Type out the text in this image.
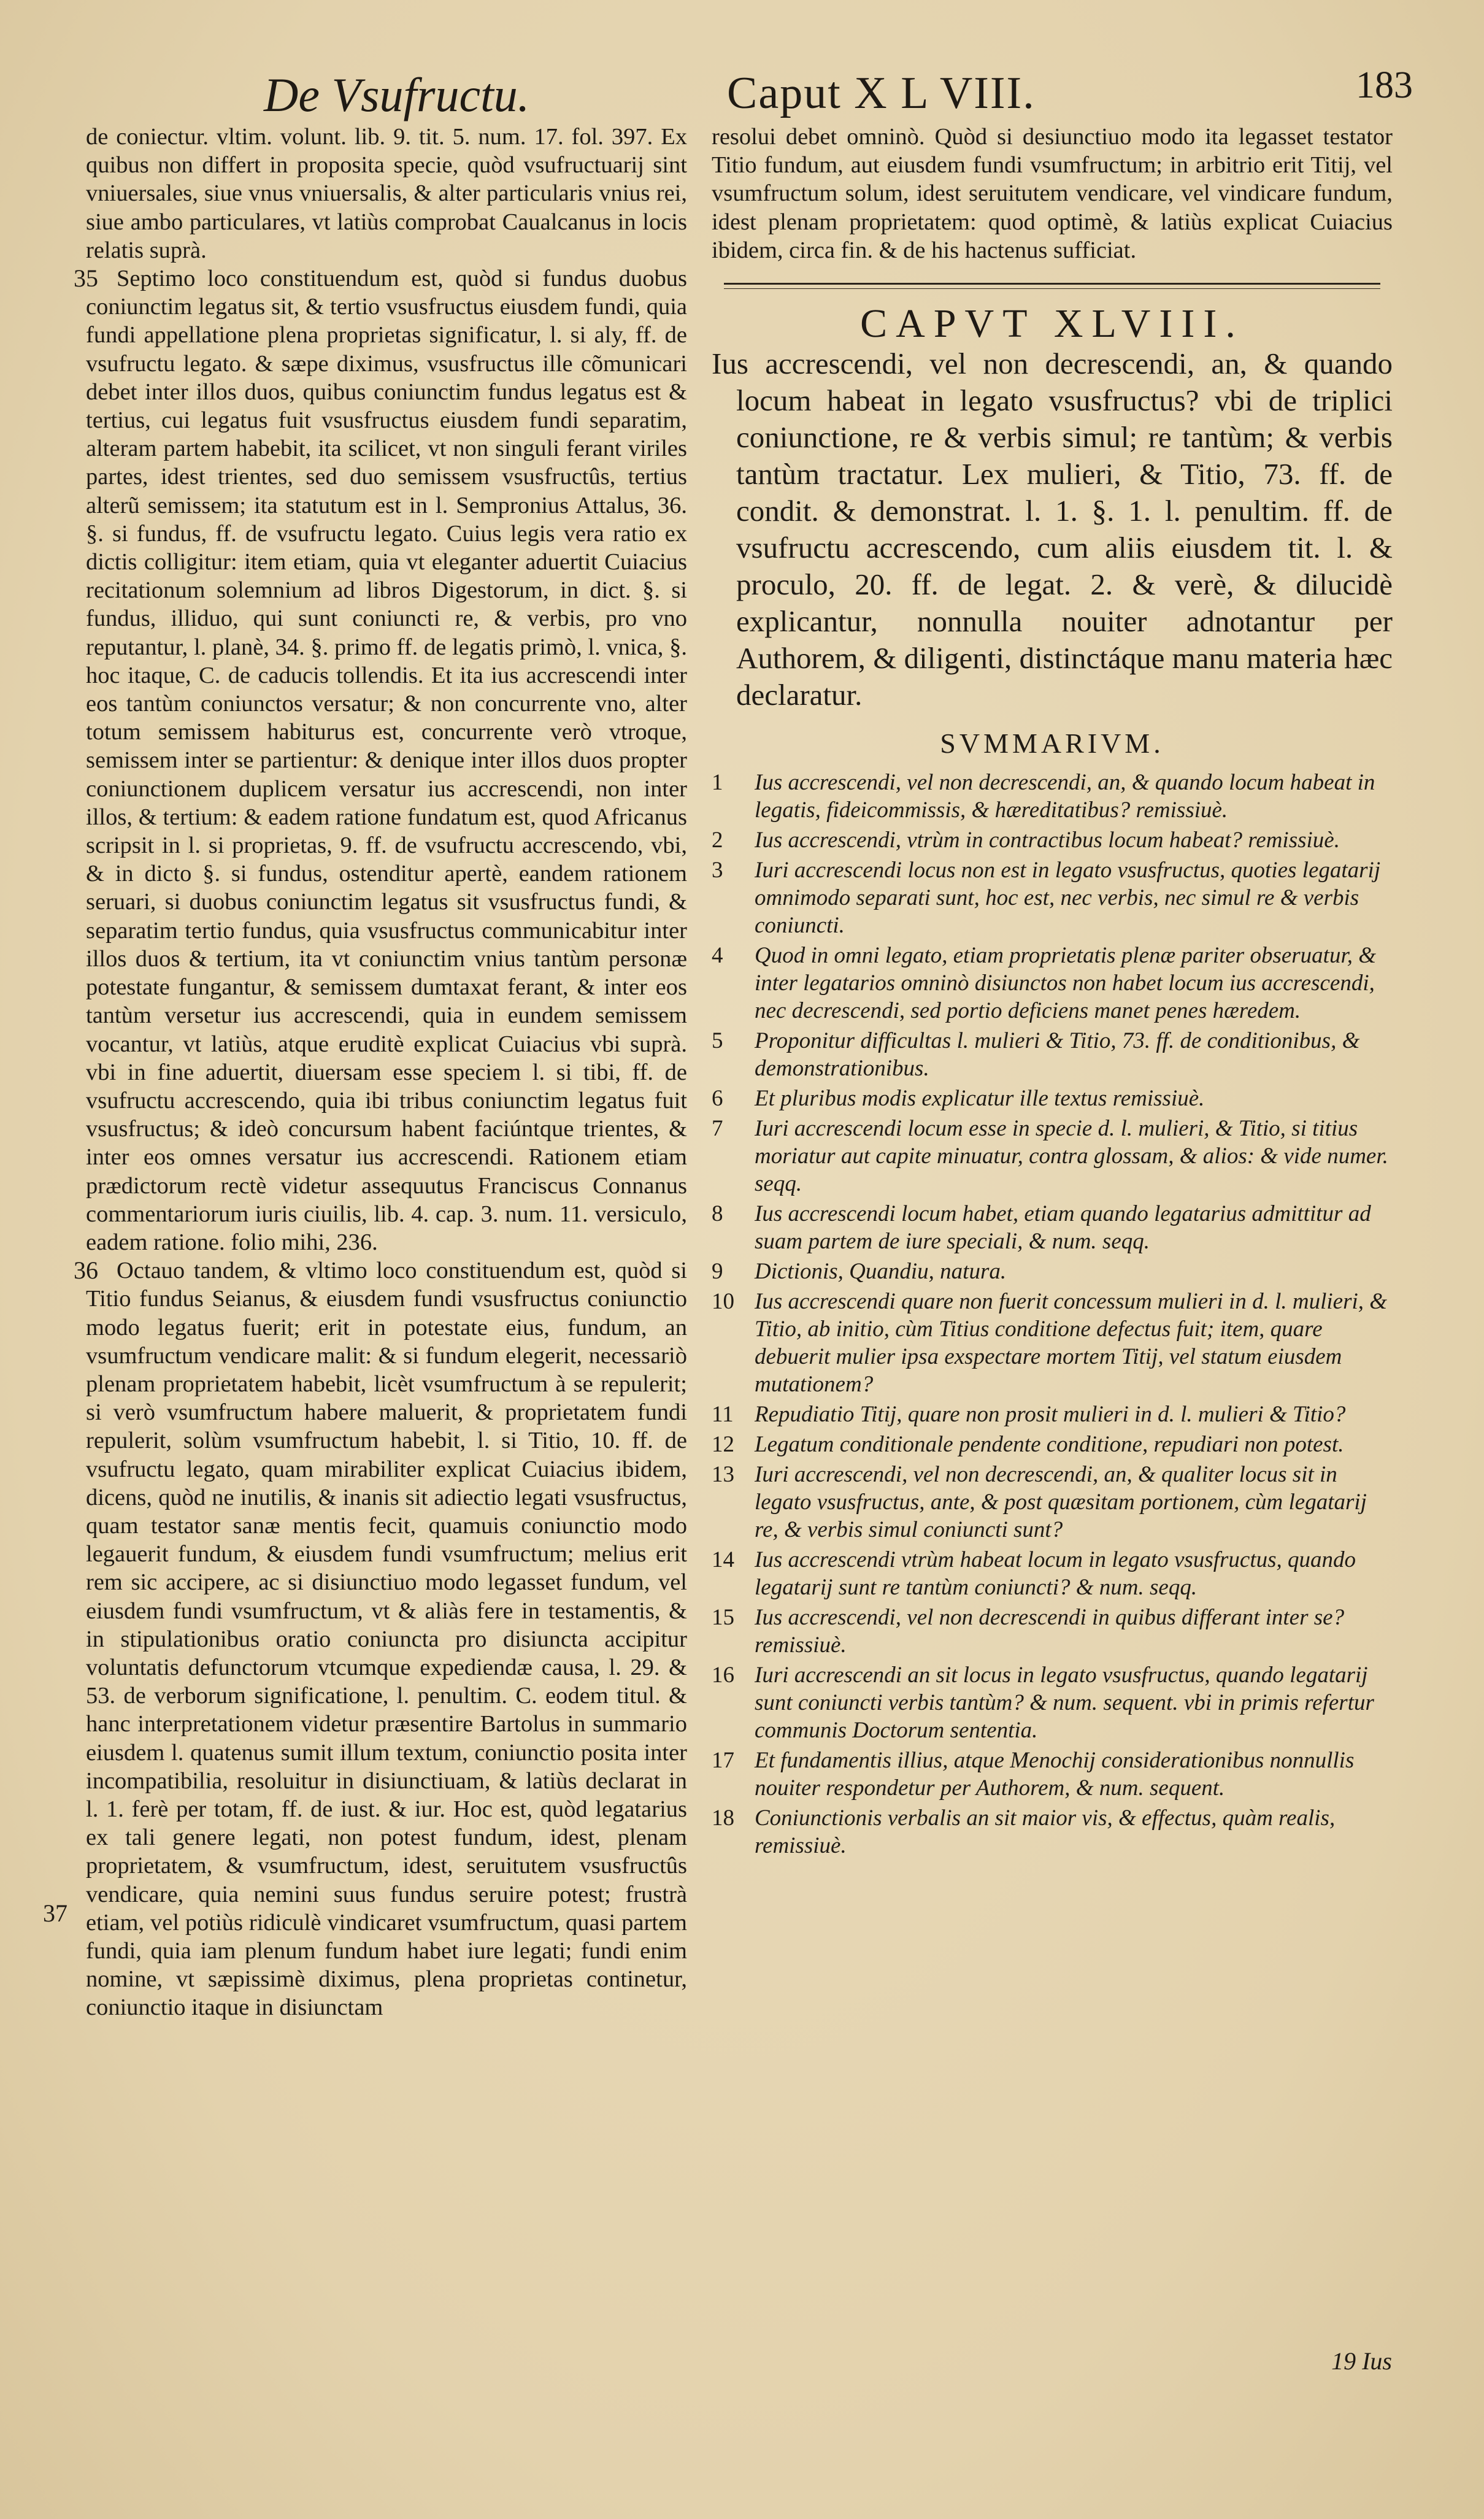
De Vsufructu.	Caput X L VIII.	183

de coniectur. vltim. volunt. lib. 9. tit. 5. num. 17. fol. 397. Ex quibus non differt in proposita specie, quòd vsufructuarij sint vniuersales, siue vnus vniuersalis, & alter particularis vnius rei, siue ambo particulares, vt latiùs comprobat Caualcanus in locis relatis suprà.

35 Septimo loco constituendum est, quòd si fundus duobus coniunctim legatus sit, & tertio vsusfructus eiusdem fundi, quia fundi appellatione plena proprietas significatur, l. si aly, ff. de vsufructu legato. & sæpe diximus, vsusfructus ille cõmunicari debet inter illos duos, quibus coniunctim fundus legatus est & tertius, cui legatus fuit vsusfructus eiusdem fundi separatim, alteram partem habebit, ita scilicet, vt non singuli ferant viriles partes, idest trientes, sed duo semissem vsusfructûs, tertius alterũ semissem; ita statutum est in l. Sempronius Attalus, 36. §. si fundus, ff. de vsufructu legato. Cuius legis vera ratio ex dictis colligitur: item etiam, quia vt eleganter aduertit Cuiacius recitationum solemnium ad libros Digestorum, in dict. §. si fundus, illiduo, qui sunt coniuncti re, & verbis, pro vno reputantur, l. planè, 34. §. primo ff. de legatis primò, l. vnica, §. hoc itaque, C. de caducis tollendis. Et ita ius accrescendi inter eos tantùm coniunctos versatur; & non concurrente vno, alter totum semissem habiturus est, concurrente verò vtroque, semissem inter se partientur: & denique inter illos duos propter coniunctionem duplicem versatur ius accrescendi, non inter illos, & tertium: & eadem ratione fundatum est, quod Africanus scripsit in l. si proprietas, 9. ff. de vsufructu accrescendo, vbi, & in dicto §. si fundus, ostenditur apertè, eandem rationem seruari, si duobus coniunctim legatus sit vsusfructus fundi, & separatim tertio fundus, quia vsusfructus communicabitur inter illos duos & tertium, ita vt coniunctim vnius tantùm personæ potestate fungantur, & semissem dumtaxat ferant, & inter eos tantùm versetur ius accrescendi, quia in eundem semissem vocantur, vt latiùs, atque eruditè explicat Cuiacius vbi suprà. vbi in fine aduertit, diuersam esse speciem l. si tibi, ff. de vsufructu accrescendo, quia ibi tribus coniunctim legatus fuit vsusfructus; & ideò concursum habent faciúntque trientes, & inter eos omnes versatur ius accrescendi. Rationem etiam prædictorum rectè videtur assequutus Franciscus Connanus commentariorum iuris ciuilis, lib. 4. cap. 3. num. 11. versiculo, eadem ratione. folio mihi, 236.

36 Octauo tandem, & vltimo loco constituendum est, quòd si Titio fundus Seianus, & eiusdem fundi vsusfructus coniunctio modo legatus fuerit; erit in potestate eius, fundum, an vsumfructum vendicare malit: & si fundum elegerit, necessariò plenam proprietatem habebit, licèt vsumfructum à se repulerit; si verò vsumfructum habere maluerit, & proprietatem fundi repulerit, solùm vsumfructum habebit, l. si Titio, 10. ff. de vsufructu legato, quam mirabiliter explicat Cuiacius ibidem, dicens, quòd ne inutilis, & inanis sit adiectio legati vsusfructus, quam testator sanæ mentis fecit, quamuis coniunctio modo legauerit fundum, & eiusdem fundi vsumfructum; melius erit rem sic accipere, ac si disiunctiuo modo legasset fundum, vel eiusdem fundi vsumfructum, vt & aliàs fere in testamentis, & in stipulationibus oratio coniuncta pro disiuncta accipitur voluntatis defunctorum vtcumque expediendæ causa, l. 29. & 53. de verborum significatione, l. penultim. C. eodem titul. & hanc interpretationem videtur præsentire Bartolus in summario eiusdem l. quatenus sumit illum textum, coniunctio posita inter incompatibilia, resoluitur in disiunctiuam, & latiùs declarat in l. 1. ferè per totam, ff. de iust. & iur. Hoc est, quòd legatarius ex tali genere legati, non potest fundum, idest, plenam proprietatem, & vsumfructum, idest, seruitutem vsusfructûs vendicare, quia nemini suus fundus seruire potest; frustrà etiam, vel potiùs ridiculè vindicaret vsumfructum, quasi partem fundi, quia iam plenum fundum habet iure legati; fundi enim nomine, vt sæpissimè diximus, plena proprietas continetur, coniunctio itaque in disiunctam

37

resolui debet omninò. Quòd si desiunctiuo modo ita legasset testator Titio fundum, aut eiusdem fundi vsumfructum; in arbitrio erit Titij, vel vsumfructum solum, idest seruitutem vendicare, vel vindicare fundum, idest plenam proprietatem: quod optimè, & latiùs explicat Cuiacius ibidem, circa fin. & de his hactenus sufficiat.

CAPVT XLVIII.

Ius accrescendi, vel non decrescendi, an, & quando locum habeat in legato vsusfructus? vbi de triplici coniunctione, re & verbis simul; re tantùm; & verbis tantùm tractatur. Lex mulieri, & Titio, 73. ff. de condit. & demonstrat. l. 1. §. 1. l. penultim. ff. de vsufructu accrescendo, cum aliis eiusdem tit. l. & proculo, 20. ff. de legat. 2. & verè, & dilucidè explicantur, nonnulla nouiter adnotantur per Authorem, & diligenti, distinctáque manu materia hæc declaratur.

SVMMARIVM.
1	Ius accrescendi, vel non decrescendi, an, & quando locum habeat in legatis, fideicommissis, & hæreditatibus? remissiuè.
2	Ius accrescendi, vtrùm in contractibus locum habeat? remissiuè.
3	Iuri accrescendi locus non est in legato vsusfructus, quoties legatarij omnimodo separati sunt, hoc est, nec verbis, nec simul re & verbis coniuncti.
4	Quod in omni legato, etiam proprietatis plenæ pariter obseruatur, & inter legatarios omninò disiunctos non habet locum ius accrescendi, nec decrescendi, sed portio deficiens manet penes hæredem.
5	Proponitur difficultas l. mulieri & Titio, 73. ff. de conditionibus, & demonstrationibus.
6	Et pluribus modis explicatur ille textus remissiuè.
7	Iuri accrescendi locum esse in specie d. l. mulieri, & Titio, si titius moriatur aut capite minuatur, contra glossam, & alios: & vide numer. seqq.
8	Ius accrescendi locum habet, etiam quando legatarius admittitur ad suam partem de iure speciali, & num. seqq.
9	Dictionis, Quandiu, natura.
10 Ius accrescendi quare non fuerit concessum mulieri in d. l. mulieri, & Titio, ab initio, cùm Titius conditione defectus fuit; item, quare debuerit mulier ipsa exspectare mortem Titij, vel statum eiusdem mutationem?
11 Repudiatio Titij, quare non prosit mulieri in d. l. mulieri & Titio?
12 Legatum conditionale pendente conditione, repudiari non potest.
13 Iuri accrescendi, vel non decrescendi, an, & qualiter locus sit in legato vsusfructus, ante, & post quæsitam portionem, cùm legatarij re, & verbis simul coniuncti sunt?
14 Ius accrescendi vtrùm habeat locum in legato vsusfructus, quando legatarij sunt re tantùm coniuncti? & num. seqq.
15 Ius accrescendi, vel non decrescendi in quibus differant inter se? remissiuè.
16 Iuri accrescendi an sit locus in legato vsusfructus, quando legatarij sunt coniuncti verbis tantùm? & num. sequent. vbi in primis refertur communis Doctorum sententia.
17 Et fundamentis illius, atque Menochij considerationibus nonnullis nouiter respondetur per Authorem, & num. sequent.
18 Coniunctionis verbalis an sit maior vis, & effectus, quàm realis, remissiuè.
19 Ius
